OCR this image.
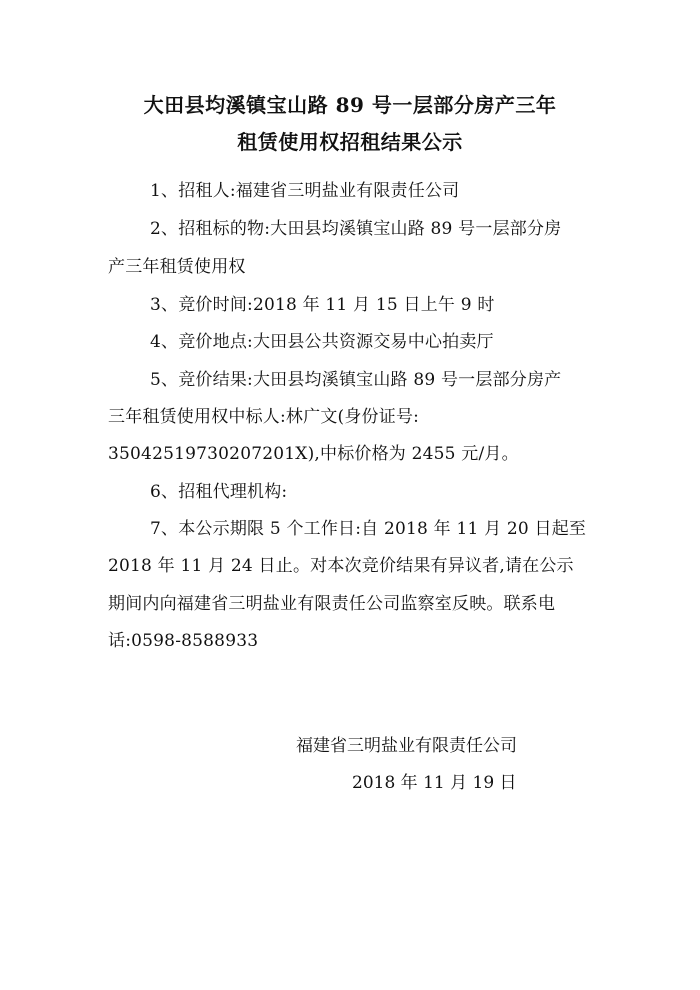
大田县均溪镇宝山路 89 号一层部分房产三年
租赁使用权招租结果公示
1、招租人:福建省三明盐业有限责任公司
2、招租标的物:大田县均溪镇宝山路 89 号一层部分房
产三年租赁使用权
3、竞价时间:2018 年 11 月 15 日上午 9 时
4、竞价地点:大田县公共资源交易中心拍卖厅
5、竞价结果:大田县均溪镇宝山路 89 号一层部分房产
三年租赁使用权中标人:林广文(身份证号:
35042519730207201X),中标价格为 2455 元/月。
6、招租代理机构:
7、本公示期限 5 个工作日:自 2018 年 11 月 20 日起至
2018 年 11 月 24 日止。对本次竞价结果有异议者,请在公示
期间内向福建省三明盐业有限责任公司监察室反映。联系电
话:0598-8588933
福建省三明盐业有限责任公司
2018 年 11 月 19 日
